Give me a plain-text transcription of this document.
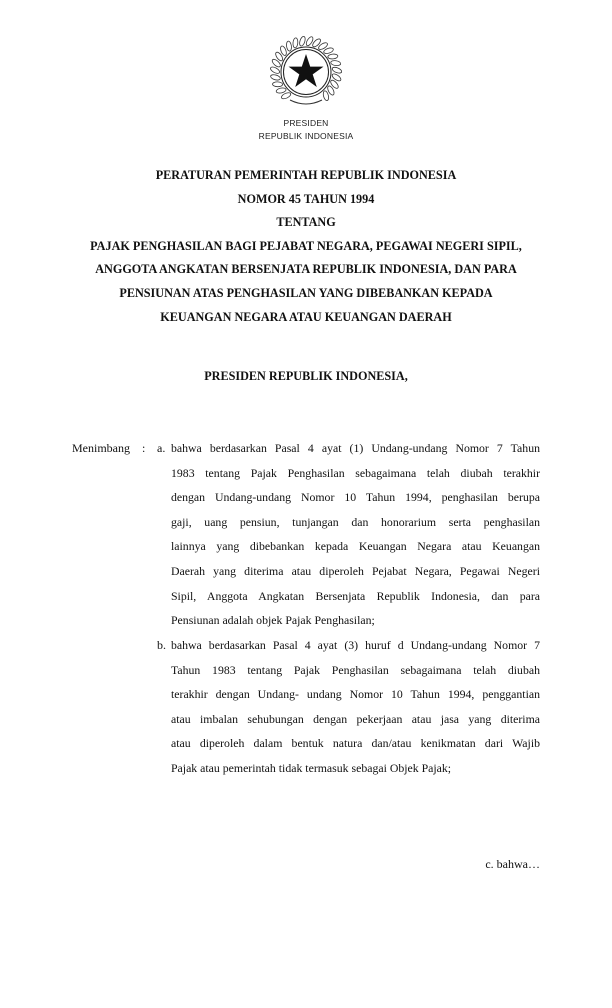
PRESIDEN
REPUBLIK INDONESIA
PERATURAN PEMERINTAH REPUBLIK INDONESIA
NOMOR 45 TAHUN 1994
TENTANG
PAJAK PENGHASILAN BAGI PEJABAT NEGARA, PEGAWAI NEGERI SIPIL,
ANGGOTA ANGKATAN BERSENJATA REPUBLIK INDONESIA, DAN PARA
PENSIUNAN ATAS PENGHASILAN YANG DIBEBANKAN KEPADA
KEUANGAN NEGARA ATAU KEUANGAN DAERAH
PRESIDEN REPUBLIK INDONESIA,
Menimbang : a. bahwa berdasarkan Pasal 4 ayat (1) Undang-undang Nomor 7 Tahun
1983 tentang Pajak Penghasilan sebagaimana telah diubah terakhir
dengan Undang-undang Nomor 10 Tahun 1994, penghasilan berupa
gaji, uang pensiun, tunjangan dan honorarium serta penghasilan
lainnya yang dibebankan kepada Keuangan Negara atau Keuangan
Daerah yang diterima atau diperoleh Pejabat Negara, Pegawai Negeri
Sipil, Anggota Angkatan Bersenjata Republik Indonesia, dan para
Pensiunan adalah objek Pajak Penghasilan;
b. bahwa berdasarkan Pasal 4 ayat (3) huruf d Undang-undang Nomor 7
Tahun 1983 tentang Pajak Penghasilan sebagaimana telah diubah
terakhir dengan Undang- undang Nomor 10 Tahun 1994, penggantian
atau imbalan sehubungan dengan pekerjaan atau jasa yang diterima
atau diperoleh dalam bentuk natura dan/atau kenikmatan dari Wajib
Pajak atau pemerintah tidak termasuk sebagai Objek Pajak;
c. bahwa…
